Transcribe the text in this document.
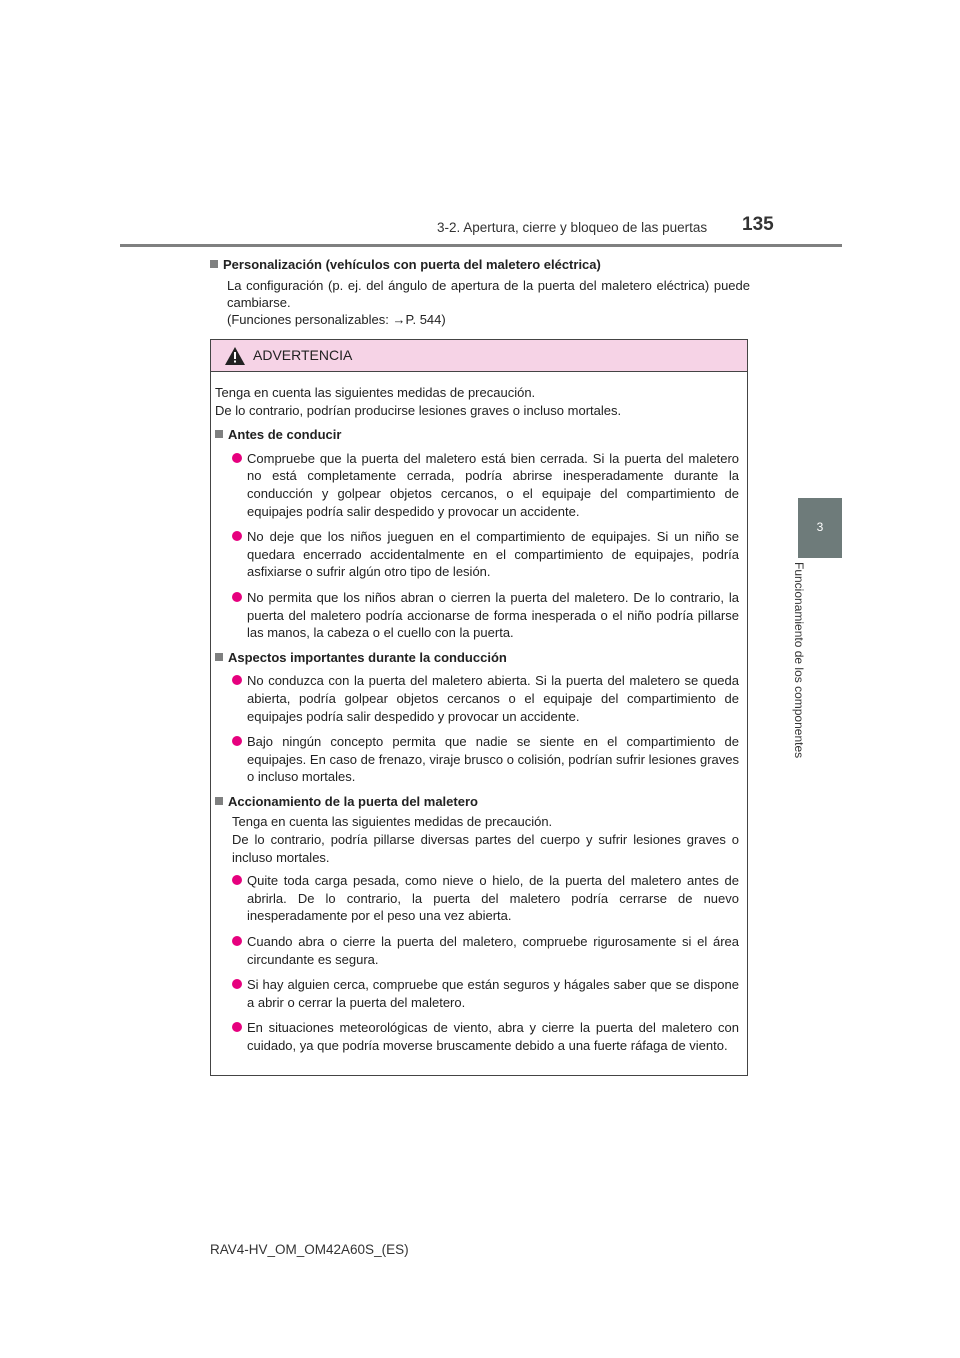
3-2. Apertura, cierre y bloqueo de las puertas 135
3
Funcionamiento de los componentes
Personalización (vehículos con puerta del maletero eléctrica)
La configuración (p. ej. del ángulo de apertura de la puerta del maletero eléctrica) puede cambiarse.
(Funciones personalizables: →P. 544)
ADVERTENCIA

Tenga en cuenta las siguientes medidas de precaución.

De lo contrario, podrían producirse lesiones graves o incluso mortales.

Antes de conducir
Compruebe que la puerta del maletero está bien cerrada. Si la puerta del maletero no está completamente cerrada, podría abrirse inesperadamente durante la conducción y golpear objetos cercanos, o el equipaje del compartimiento de equipajes podría salir despedido y provocar un accidente.
No deje que los niños jueguen en el compartimiento de equipajes. Si un niño se quedara encerrado accidentalmente en el compartimiento de equipajes, podría asfixiarse o sufrir algún otro tipo de lesión.
No permita que los niños abran o cierren la puerta del maletero. De lo contrario, la puerta del maletero podría accionarse de forma inesperada o el niño podría pillarse las manos, la cabeza o el cuello con la puerta.
Aspectos importantes durante la conducción
No conduzca con la puerta del maletero abierta. Si la puerta del maletero se queda abierta, podría golpear objetos cercanos o el equipaje del compartimiento de equipajes podría salir despedido y provocar un accidente.
Bajo ningún concepto permita que nadie se siente en el compartimiento de equipajes. En caso de frenazo, viraje brusco o colisión, podrían sufrir lesiones graves o incluso mortales.
Accionamiento de la puerta del maletero
Tenga en cuenta las siguientes medidas de precaución.
De lo contrario, podría pillarse diversas partes del cuerpo y sufrir lesiones graves o incluso mortales.
Quite toda carga pesada, como nieve o hielo, de la puerta del maletero antes de abrirla. De lo contrario, la puerta del maletero podría cerrarse de nuevo inesperadamente por el peso una vez abierta.
Cuando abra o cierre la puerta del maletero, compruebe rigurosamente si el área circundante es segura.
Si hay alguien cerca, compruebe que están seguros y hágales saber que se dispone a abrir o cerrar la puerta del maletero.
En situaciones meteorológicas de viento, abra y cierre la puerta del maletero con cuidado, ya que podría moverse bruscamente debido a una fuerte ráfaga de viento.
RAV4-HV_OM_OM42A60S_(ES)
